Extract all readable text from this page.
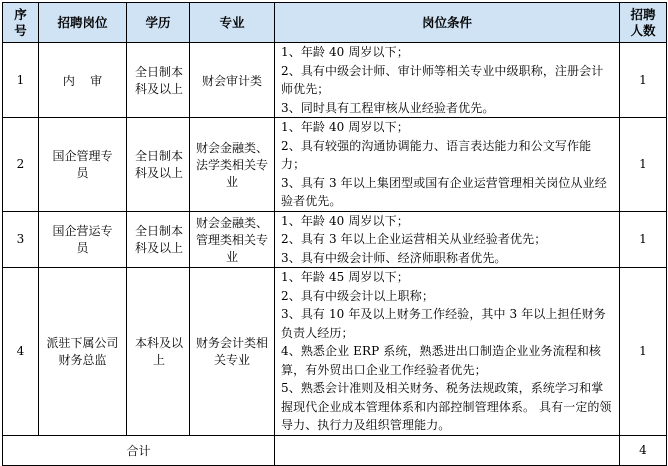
序号	招聘岗位	学历	专业	岗位条件	招聘人数

1	内    审	全日制本科及以上	财会审计类	1、年龄 40 周岁以下；
2、具有中级会计师、审计师等相关专业中级职称，注册会计师优先；
3、同时具有工程审核从业经验者优先。	1
2	国企管理专    员	全日制本科及以上	财会金融类、法学类相关专业	1、年龄 40 周岁以下；
2、具有较强的沟通协调能力、语言表达能力和公文写作能力；
3、具有 3 年以上集团型或国有企业运营管理相关岗位从业经验者优先。	1
3	国企营运专    员	全日制本科及以上	财会金融类、管理类相关专业	1、年龄 40 周岁以下；
2、具有 3 年以上企业运营相关从业经验者优先；
3、具有中级会计师、经济师职称者优先。	1
4	派驻下属公司财务总监	本科及以上	财务会计类相关专业	1、年龄 45 周岁以下；
2、具有中级会计以上职称；
3、具有 10 年及以上财务工作经验，其中 3 年以上担任财务负责人经历；
4、熟悉企业 ERP 系统，熟悉进出口制造企业业务流程和核算，有外贸出口企业工作经验者优先；
5、熟悉会计准则及相关财务、税务法规政策，系统学习和掌握现代企业成本管理体系和内部控制管理体系。 具有一定的领导力、执行力及组织管理能力。	1
合计					4
